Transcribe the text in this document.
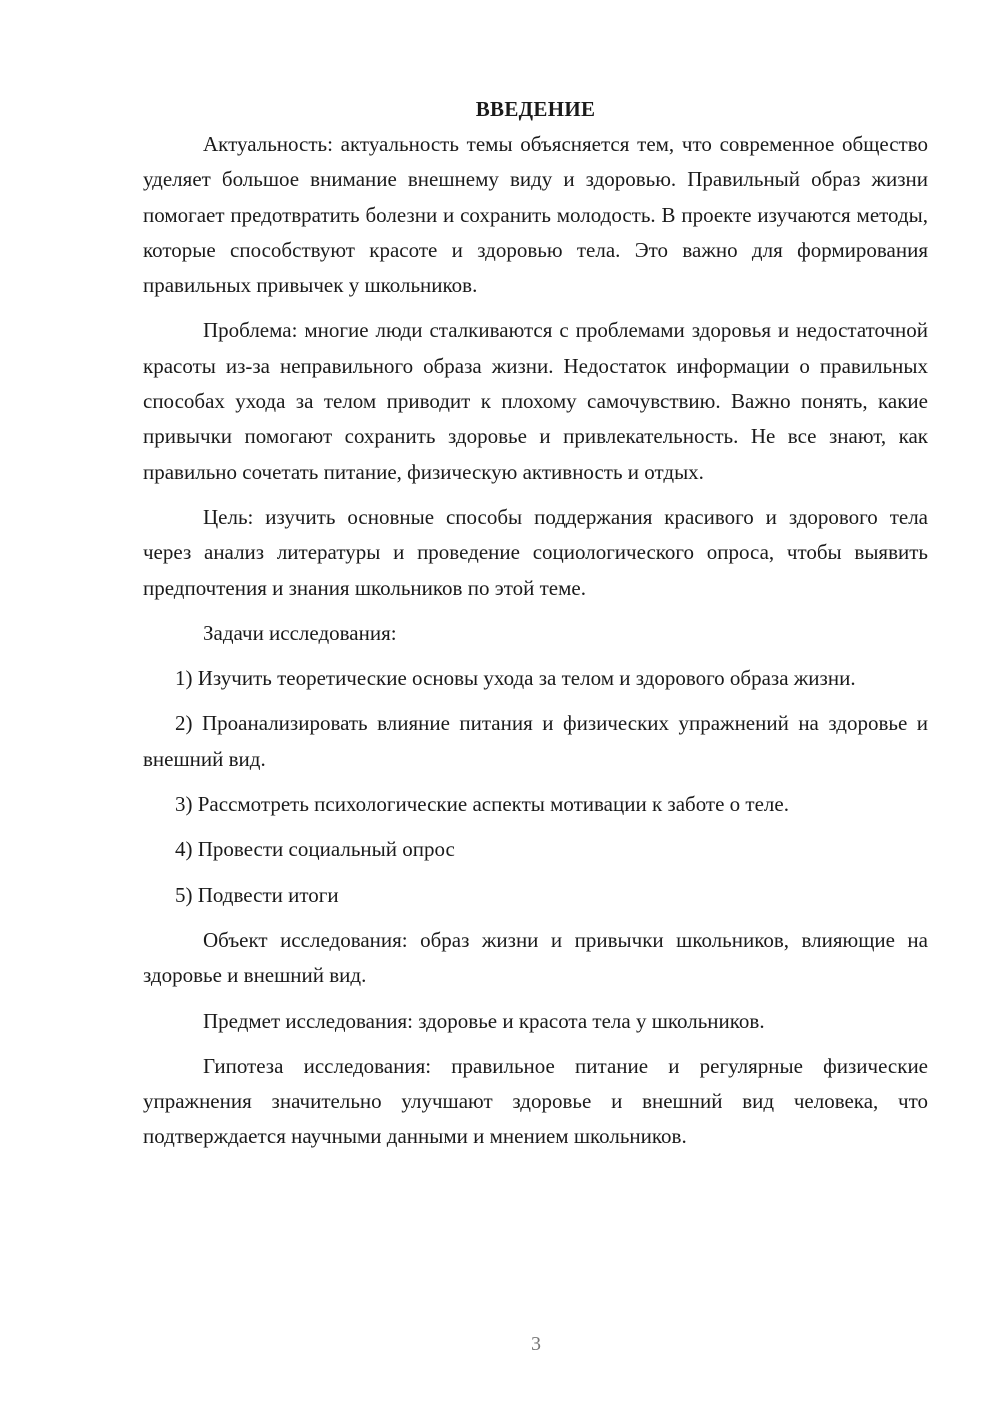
ВВЕДЕНИЕ

Актуальность: актуальность темы объясняется тем, что современное общество уделяет большое внимание внешнему виду и здоровью. Правильный образ жизни помогает предотвратить болезни и сохранить молодость. В проекте изучаются методы, которые способствуют красоте и здоровью тела. Это важно для формирования правильных привычек у школьников.

Проблема: многие люди сталкиваются с проблемами здоровья и недостаточной красоты из-за неправильного образа жизни. Недостаток информации о правильных способах ухода за телом приводит к плохому самочувствию. Важно понять, какие привычки помогают сохранить здоровье и привлекательность. Не все знают, как правильно сочетать питание, физическую активность и отдых.

Цель: изучить основные способы поддержания красивого и здорового тела через анализ литературы и проведение социологического опроса, чтобы выявить предпочтения и знания школьников по этой теме.

Задачи исследования:

1) Изучить теоретические основы ухода за телом и здорового образа жизни.

2) Проанализировать влияние питания и физических упражнений на здоровье и внешний вид.

3) Рассмотреть психологические аспекты мотивации к заботе о теле.

4) Провести социальный опрос

5) Подвести итоги

Объект исследования: образ жизни и привычки школьников, влияющие на здоровье и внешний вид.

Предмет исследования: здоровье и красота тела у школьников.

Гипотеза исследования: правильное питание и регулярные физические упражнения значительно улучшают здоровье и внешний вид человека, что подтверждается научными данными и мнением школьников.

3
